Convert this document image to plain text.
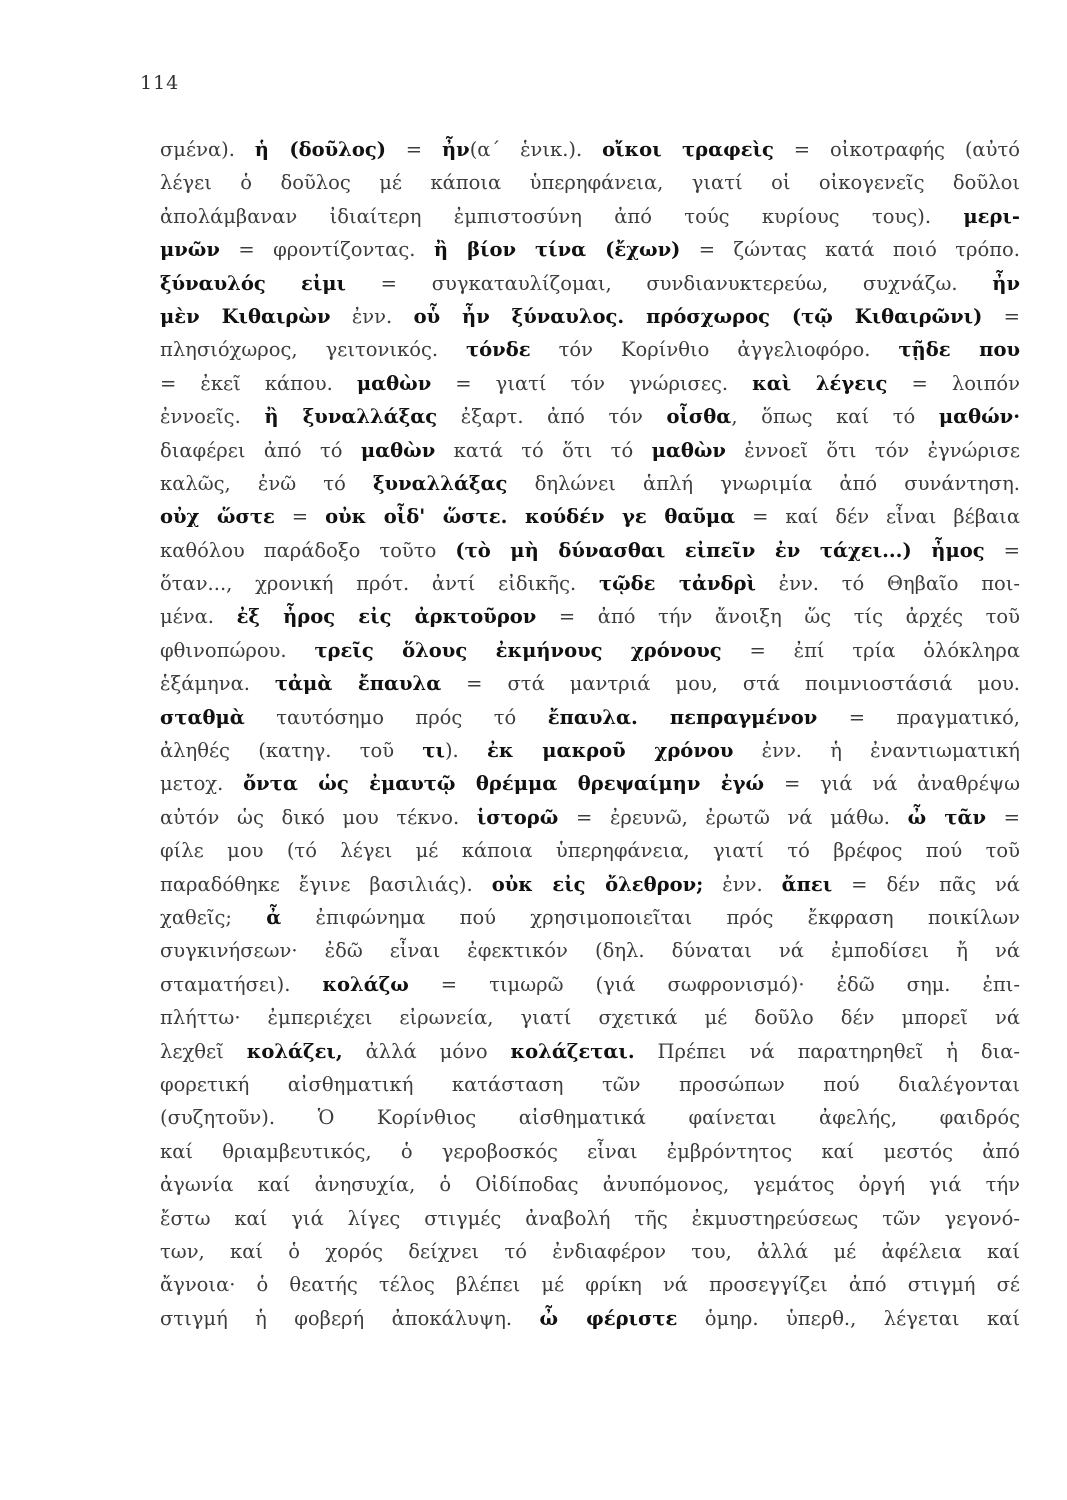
114
σμένα). ἡ (δοῦλος) = ἦν(α΄ ἑνικ.). οἴκοι τραφεὶς = οἰκοτραφής (αὐτό
λέγει ὁ δοῦλος μέ κάποια ὑπερηφάνεια, γιατί οἱ οἰκογενεῖς δοῦλοι
ἀπολάμβαναν ἰδιαίτερη ἐμπιστοσύνη ἀπό τούς κυρίους τους). μερι-
μνῶν = φροντίζοντας. ἢ βίον τίνα (ἔχων) = ζώντας κατά ποιό τρόπο.
ξύναυλός εἰμι = συγκαταυλίζομαι, συνδιανυκτερεύω, συχνάζω. ἦν
μὲν Κιθαιρὼν ἐνν. οὗ ἦν ξύναυλος. πρόσχωρος (τῷ Κιθαιρῶνι) =
πλησιόχωρος, γειτονικός. τόνδε τόν Κορίνθιο ἀγγελιοφόρο. τῇδε που
= ἐκεῖ κάπου. μαθὼν = γιατί τόν γνώρισες. καὶ λέγεις = λοιπόν
ἐννοεῖς. ἢ ξυναλλάξας ἐξαρτ. ἀπό τόν οἶσθα, ὅπως καί τό μαθών·
διαφέρει ἀπό τό μαθὼν κατά τό ὅτι τό μαθὼν ἐννοεῖ ὅτι τόν ἐγνώρισε
καλῶς, ἐνῶ τό ξυναλλάξας δηλώνει ἁπλή γνωριμία ἀπό συνάντηση.
οὐχ ὥστε = οὐκ οἶδ' ὥστε. κούδέν γε θαῦμα = καί δέν εἶναι βέβαια
καθόλου παράδοξο τοῦτο (τὸ μὴ δύνασθαι εἰπεῖν ἐν τάχει...) ἦμος =
ὅταν..., χρονική πρότ. ἀντί εἰδικῆς. τῷδε τἀνδρὶ ἐνν. τό Θηβαῖο ποι-
μένα. ἐξ ἦρος εἰς ἀρκτοῦρον = ἀπό τήν ἄνοιξη ὥς τίς ἀρχές τοῦ
φθινοπώρου. τρεῖς ὅλους ἐκμήνους χρόνους = ἐπί τρία ὁλόκληρα
ἑξάμηνα. τἀμὰ ἔπαυλα = στά μαντριά μου, στά ποιμνιοστάσιά μου.
σταθμὰ ταυτόσημο πρός τό ἔπαυλα. πεπραγμένον = πραγματικό,
ἀληθές (κατηγ. τοῦ τι). ἐκ μακροῦ χρόνου ἐνν. ἡ ἐναντιωματική
μετοχ. ὄντα ὡς ἐμαυτῷ θρέμμα θρεψαίμην ἐγώ = γιά νά ἀναθρέψω
αὐτόν ὡς δικό μου τέκνο. ἱστορῶ = ἐρευνῶ, ἐρωτῶ νά μάθω. ὦ τᾶν =
φίλε μου (τό λέγει μέ κάποια ὑπερηφάνεια, γιατί τό βρέφος πού τοῦ
παραδόθηκε ἔγινε βασιλιάς). οὐκ εἰς ὄλεθρον; ἐνν. ἄπει = δέν πᾶς νά
χαθεῖς; ἆ ἐπιφώνημα πού χρησιμοποιεῖται πρός ἔκφραση ποικίλων
συγκινήσεων· ἐδῶ εἶναι ἐφεκτικόν (δηλ. δύναται νά ἐμποδίσει ἤ νά
σταματήσει). κολάζω = τιμωρῶ (γιά σωφρονισμό)· ἐδῶ σημ. ἐπι-
πλήττω· ἐμπεριέχει εἰρωνεία, γιατί σχετικά μέ δοῦλο δέν μπορεῖ νά
λεχθεῖ κολάζει, ἀλλά μόνο κολάζεται. Πρέπει νά παρατηρηθεῖ ἡ δια-
φορετική αἰσθηματική κατάσταση τῶν προσώπων πού διαλέγονται
(συζητοῦν). Ὁ Κορίνθιος αἰσθηματικά φαίνεται ἀφελής, φαιδρός
καί θριαμβευτικός, ὁ γεροβοσκός εἶναι ἐμβρόντητος καί μεστός ἀπό
ἀγωνία καί ἀνησυχία, ὁ Οἰδίποδας ἀνυπόμονος, γεμάτος ὀργή γιά τήν
ἔστω καί γιά λίγες στιγμές ἀναβολή τῆς ἐκμυστηρεύσεως τῶν γεγονό-
των, καί ὁ χορός δείχνει τό ἐνδιαφέρον του, ἀλλά μέ ἀφέλεια καί
ἄγνοια· ὁ θεατής τέλος βλέπει μέ φρίκη νά προσεγγίζει ἀπό στιγμή σέ
στιγμή ἡ φοβερή ἀποκάλυψη. ὦ φέριστε ὁμηρ. ὑπερθ., λέγεται καί
